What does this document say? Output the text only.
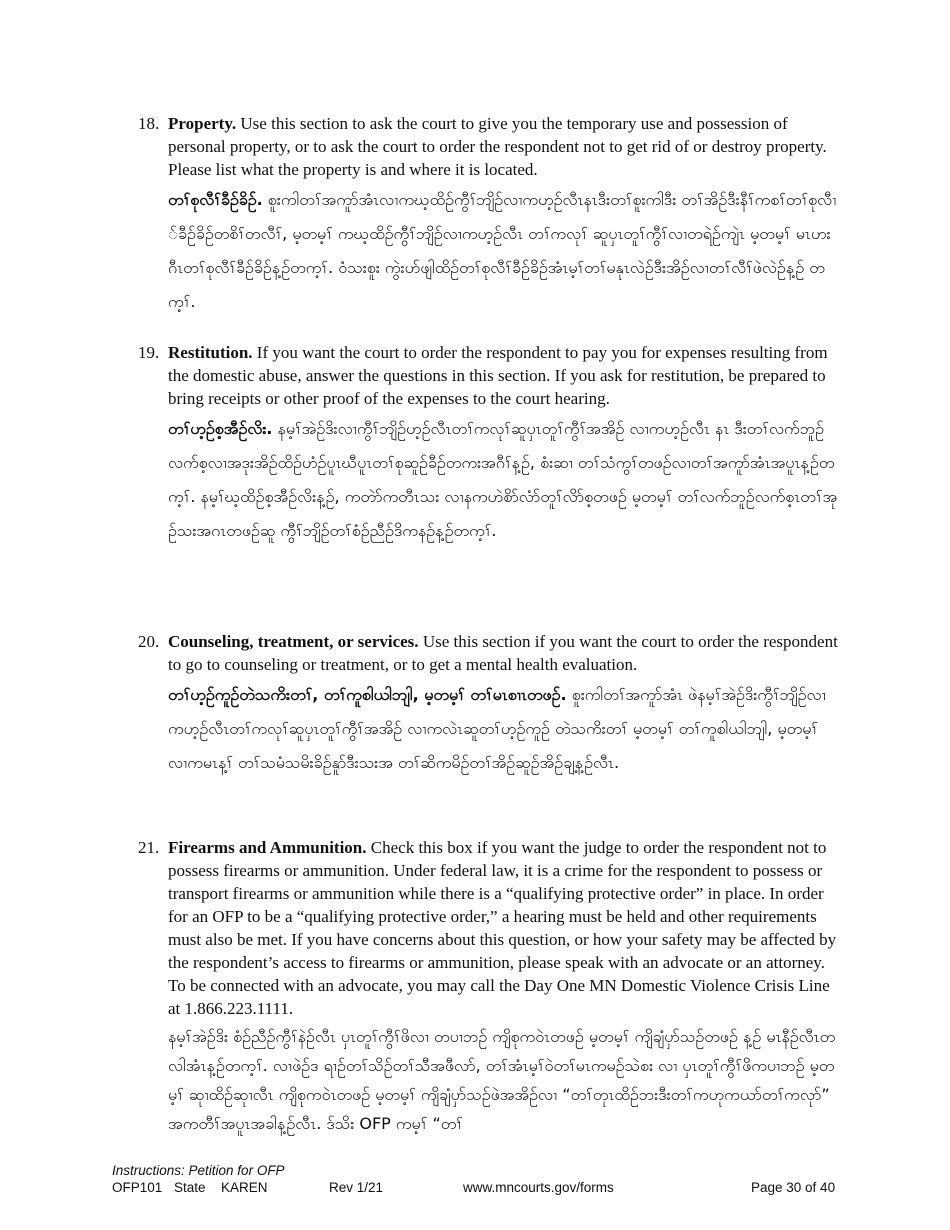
18. Property. Use this section to ask the court to give you the temporary use and possession of personal property, or to ask the court to order the respondent not to get rid of or destroy property. Please list what the property is and where it is located.

တၢ်စုလီၢ်ခီဉ်ခိဉ်. စူးကါတၢ်အကူာ်အံၤလၢကဃ့ထိဉ်ကွီၢ်ဘျိဉ်လၢကဟ့ဉ်လီၤနၤဒီးတၢ်စူးကါဒီး တၢ်အိဉ်ဒီးနီၢ်ကစၢ်တၢ်စုလီၢ်ခီဉ်ခိဉ်တစိၢ်တလီၢ်, မ့တမ့ၢ် ကဃ့ထိဉ်ကွီၢ်ဘျိဉ်လၢကဟ့ဉ်လီၤ တၢ်ကလုၢ် ဆူပှၤတူၢ်ကွီၢ်လၢတရဲဉ်ကျဲၤ မ့တမ့ၢ် မၤဟးဂီၤတၢ်စုလီၢ်ခီဉ်ခိဉ်န့ဉ်တက့ၢ်. ဝံသးစူး ကွဲးဟ်ဖျါထိဉ်တၢ်စုလီၢ်ခီဉ်ခိဉ်အံၤမ့ၢ်တၢ်မနုၤလဲဉ်ဒီးအိဉ်လၢတၢ်လီၢ်ဖဲလဲဉ်န့ဉ် တက့ၢ်.

19. Restitution. If you want the court to order the respondent to pay you for expenses resulting from the domestic abuse, answer the questions in this section. If you ask for restitution, be prepared to bring receipts or other proof of the expenses to the court hearing.

တၢ်ဟ့ဉ်စ့အီဉ်လိး. နမ့ၢ်အဲဉ်ဒိးလၢကွီၢ်ဘျိဉ်ဟ့ဉ်လီၤတၢ်ကလုၢ်ဆူပှၤတူၢ်ကွီၢ်အအိဉ် လၢကဟ့ဉ်လီၤ နၤ ဒီးတၢ်လက်ဘူဉ်လက်စ့လၢအဒုးအိဉ်ထိဉ်ဟံဉ်ပူၤဃီပူၤတၢ်စုဆူဉ်ခီဉ်တကးအဂီၢ်န့ဉ်, စံးဆၢ တၢ်သံကွၢ်တဖဉ်လၢတၢ်အကူာ်အံၤအပူၤန့ဉ်တက့ၢ်. နမ့ၢ်ဃ့ထိဉ်စ့အီဉ်လိးန့ဉ်, ကတဲာ်ကတီၤသး လၢနကဟဲစိာ်လံာ်တူၢ်လိာ်စ့တဖဉ် မ့တမ့ၢ် တၢ်လက်ဘူဉ်လက်စ့ၤတၢ်အုဉ်သးအဂၤတဖဉ်ဆူ ကွီၢ်ဘျိဉ်တၢ်စံဉ်ညီဉ်ဒိကနဉ်န့ဉ်တက့ၢ်.

20. Counseling, treatment, or services. Use this section if you want the court to order the respondent to go to counseling or treatment, or to get a mental health evaluation.

တၢ်ဟ့ဉ်ကူဉ်တဲသကိးတၢ်, တၢ်ကူစါယါဘျါ, မ့တမ့ၢ် တၢ်မၤစၢၤတဖဉ်. စူးကါတၢ်အကူာ်အံၤ ဖဲနမ့ၢ်အဲဉ်ဒိးကွီၢ်ဘျိဉ်လၢကဟ့ဉ်လီၤတၢ်ကလုၢ်ဆူပှၤတူၢ်ကွီၢ်အအိဉ် လၢကလဲၤဆူတၢ်ဟ့ဉ်ကူဉ် တဲသကိးတၢ် မ့တမ့ၢ် တၢ်ကူစါယါဘျါ, မ့တမ့ၢ် လၢကမၤန့ၢ် တၢ်သမံသမိးခိဉ်နူာ်ဒီးသးအ တၢ်ဆိကမိဉ်တၢ်အိဉ်ဆူဉ်အိဉ်ချ့န့ဉ်လီၤ.

21. Firearms and Ammunition. Check this box if you want the judge to order the respondent not to possess firearms or ammunition. Under federal law, it is a crime for the respondent to possess or transport firearms or ammunition while there is a “qualifying protective order” in place. In order for an OFP to be a “qualifying protective order,” a hearing must be held and other requirements must also be met. If you have concerns about this question, or how your safety may be affected by the respondent’s access to firearms or ammunition, please speak with an advocate or an attorney. To be connected with an advocate, you may call the Day One MN Domestic Violence Crisis Line at 1.866.223.1111.

နမ့ၢ်အဲဉ်ဒိး စံဉ်ညီဉ်ကွီၢ်နဲဉ်လီၤ ပှၤတူၢ်ကွီၢ်ဖိလၢ တပၢဘဉ် ကျိစုကဝဲၤတဖဉ် မ့တမ့ၢ် ကျိချံပှာ်သဉ်တဖဉ် န့ဉ် မၤနီဉ်လီၤတလါအံၤန့ဉ်တက့ၢ်. လၢဖဲဉ်ဒ ရၢဉ်တၢ်သိဉ်တၢ်သီအဖီလာ်, တၢ်အံၤမ့ၢ်ဝဲတၢ်မၤကမဉ်သဲစး လၢ ပှၤတူၢ်ကွီၢ်ဖိကပၢဘဉ် မ့တမ့ၢ် ဆုၢထိဉ်ဆုၢလီၤ ကျိစုကဝဲၤတဖဉ် မ့တမ့ၢ် ကျိချံပှာ်သဉ်ဖဲအအိဉ်လၢ “တၢ်တုၤထိဉ်ဘးဒီးတၢ်ကဟုကယာ်တၢ်ကလုာ်” အကတီၢ်အပူၤအခါန့ဉ်လီၤ. ဒ်သိး OFP ကမ့ၢ် “တၢ်

Instructions: Petition for OFP
OFP101 State KAREN	Rev 1/21	www.mncourts.gov/forms	Page 30 of 40
